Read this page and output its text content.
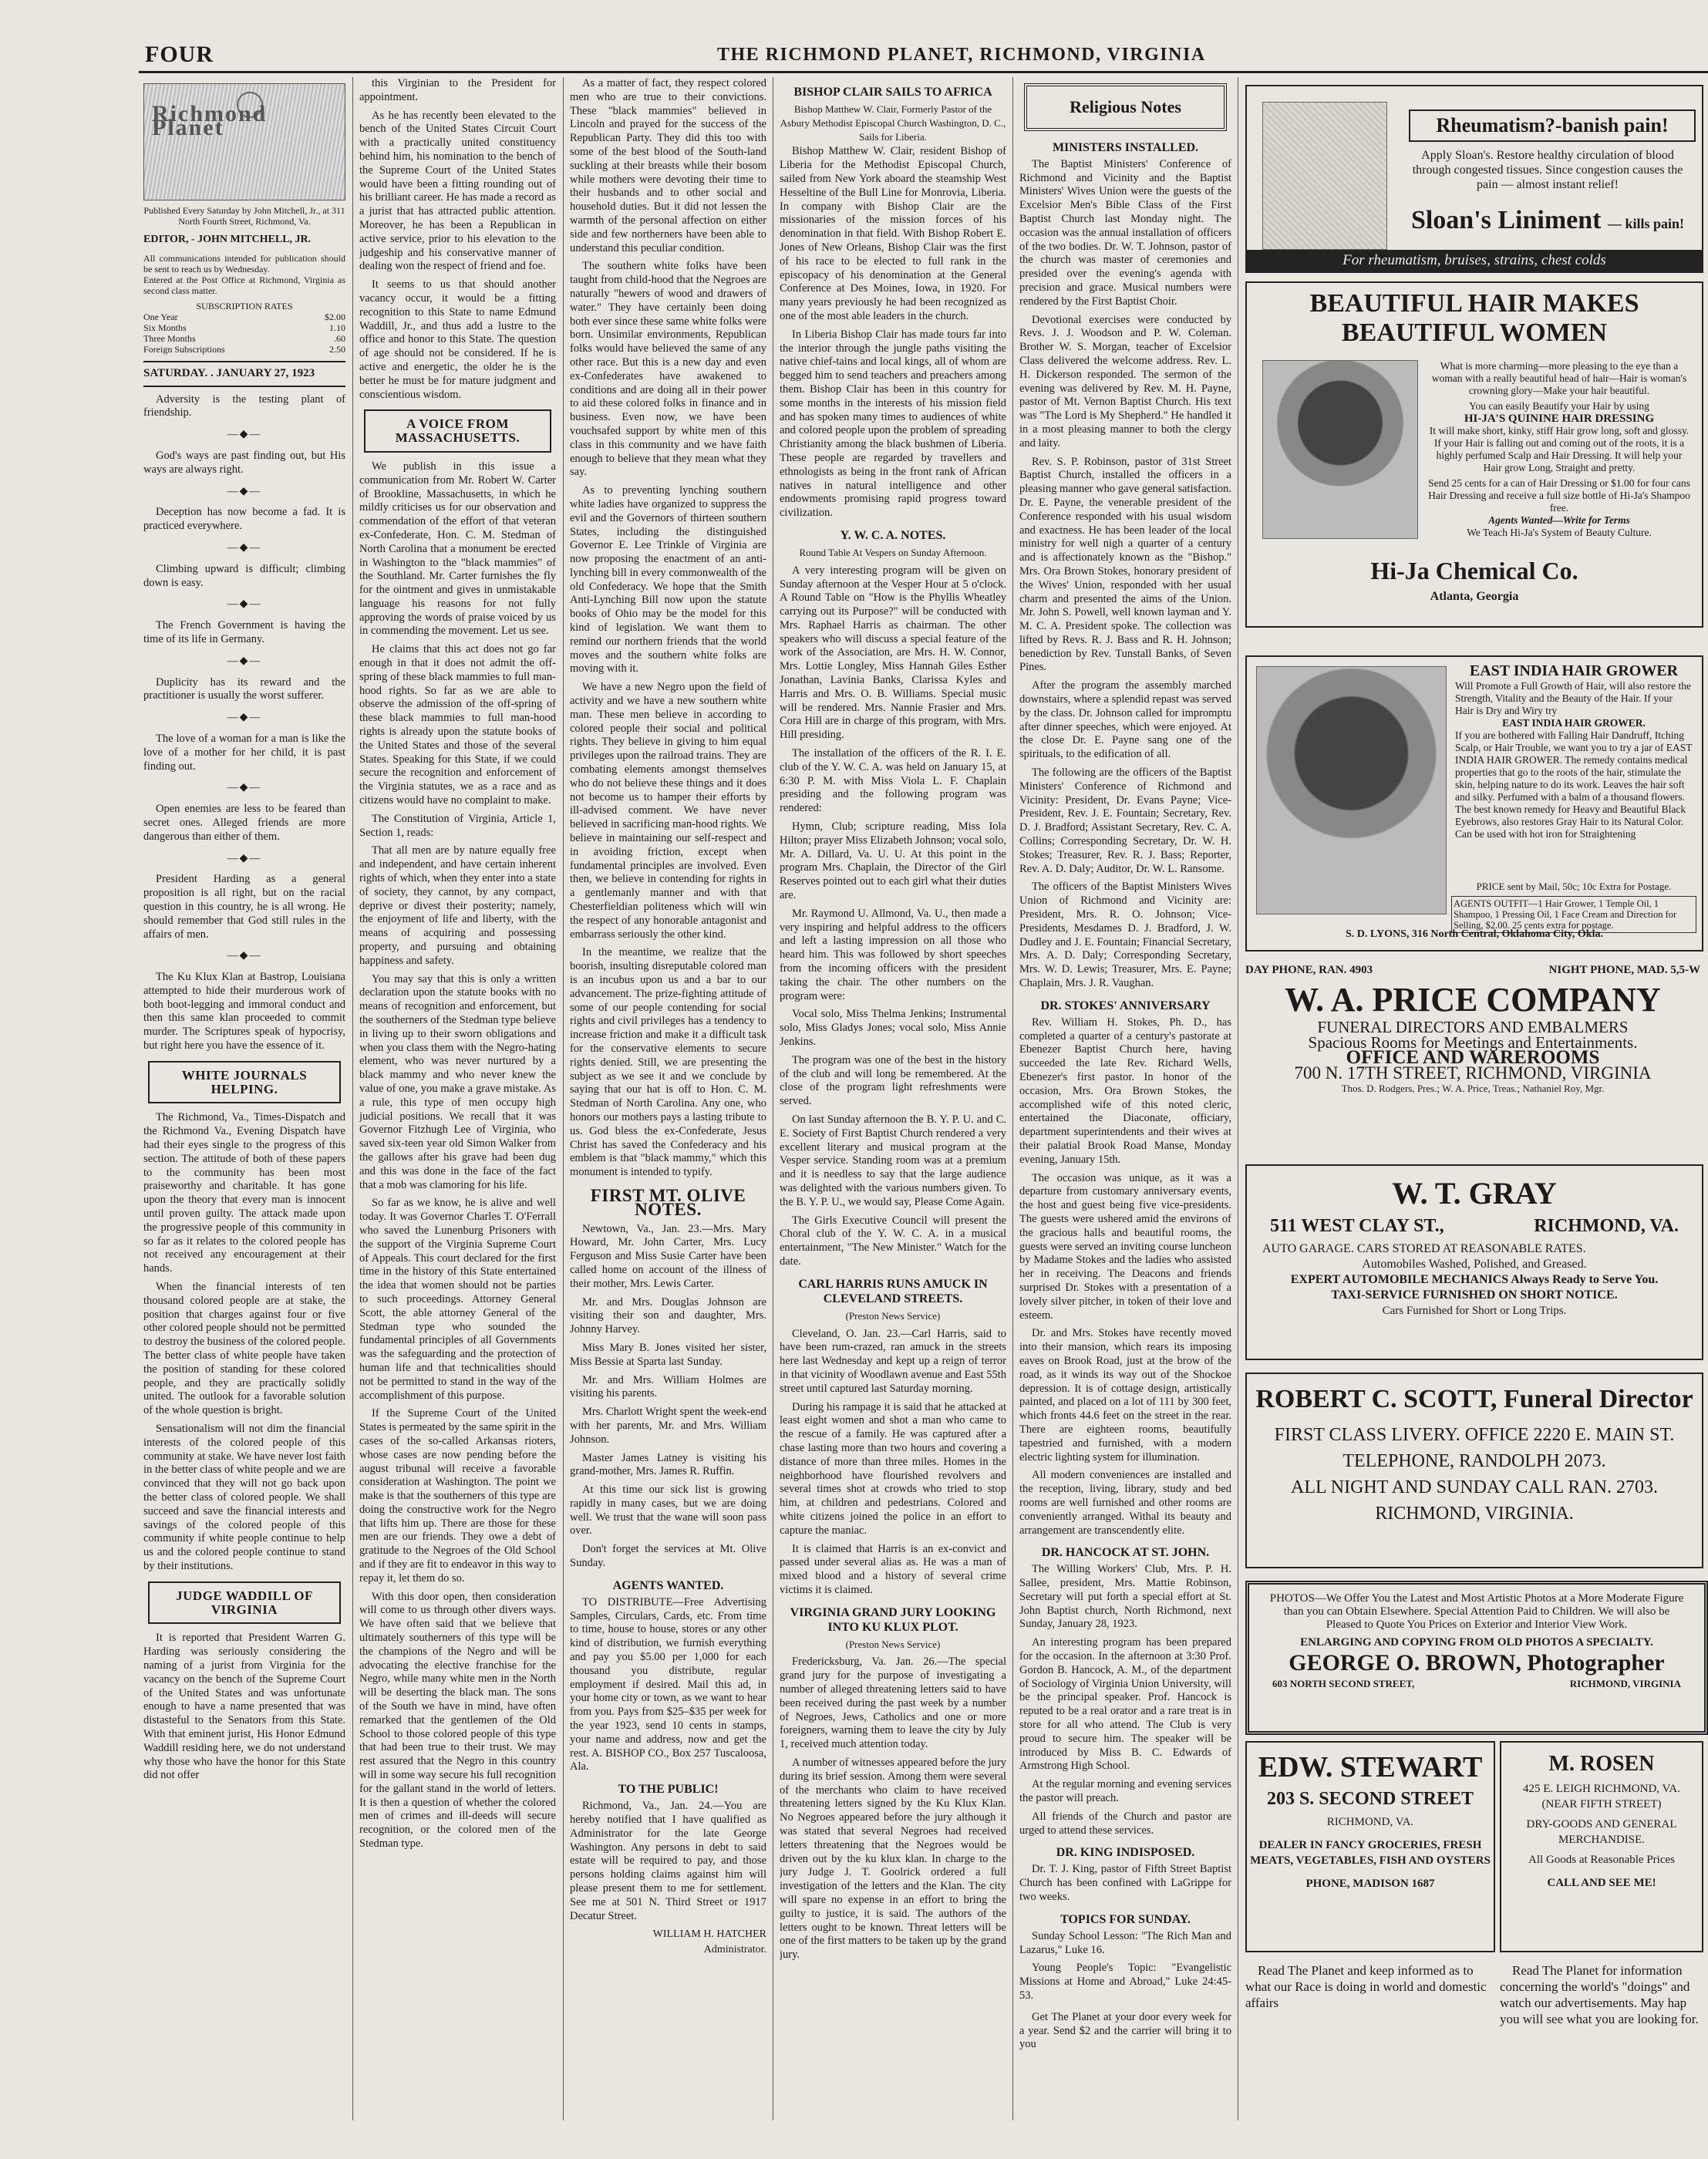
FOUR	THE RICHMOND PLANET, RICHMOND, VIRGINIA
Richmond Planet
Published Every Saturday by John Mitchell, Jr., at 311 North Fourth Street, Richmond, Va.
EDITOR, - JOHN MITCHELL, JR.
All communications intended for publication should be sent to reach us by Wednesday.
Entered at the Post Office at Richmond, Virginia as second class matter.
SUBSCRIPTION RATES
One Year	$2.00
Six Months	1.10
Three Months	.60
Foreign Subscriptions	2.50
SATURDAY. . JANUARY 27, 1923

Adversity is the testing plant of friendship.

—◆—

God's ways are past finding out, but His ways are always right.

—◆—

Deception has now become a fad. It is practiced everywhere.

—◆—

Climbing upward is difficult; climbing down is easy.

—◆—

The French Government is having the time of its life in Germany.

—◆—

Duplicity has its reward and the practitioner is usually the worst sufferer.

—◆—

The love of a woman for a man is like the love of a mother for her child, it is past finding out.

—◆—

Open enemies are less to be feared than secret ones. Alleged friends are more dangerous than either of them.

—◆—

President Harding as a general proposition is all right, but on the racial question in this country, he is all wrong. He should remember that God still rules in the affairs of men.

—◆—

The Ku Klux Klan at Bastrop, Louisiana attempted to hide their murderous work of both boot-legging and immoral conduct and then this same klan proceeded to commit murder. The Scriptures speak of hypocrisy, but right here you have the essence of it.

WHITE JOURNALS HELPING.

The Richmond, Va., Times-Dispatch and the Richmond Va., Evening Dispatch have had their eyes single to the progress of this section. The attitude of both of these papers to the community has been most praiseworthy and charitable. It has gone upon the theory that every man is innocent until proven guilty. The attack made upon the progressive people of this community in so far as it relates to the colored people has not received any encouragement at their hands.

When the financial interests of ten thousand colored people are at stake, the position that charges against four or five other colored people should not be permitted to destroy the business of the colored people. The better class of white people have taken the position of standing for these colored people, and they are practically solidly united. The outlook for a favorable solution of the whole question is bright.

Sensationalism will not dim the financial interests of the colored people of this community at stake. We have never lost faith in the better class of white people and we are convinced that they will not go back upon the better class of colored people. We shall succeed and save the financial interests and savings of the colored people of this community if white people continue to help us and the colored people continue to stand by their institutions.

JUDGE WADDILL OF VIRGINIA

It is reported that President Warren G. Harding was seriously considering the naming of a jurist from Virginia for the vacancy on the bench of the Supreme Court of the United States and was unfortunate enough to have a name presented that was distasteful to the Senators from this State. With that eminent jurist, His Honor Edmund Waddill residing here, we do not understand why those who have the honor for this State did not offer

this Virginian to the President for appointment.

As he has recently been elevated to the bench of the United States Circuit Court with a practically united constituency behind him, his nomination to the bench of the Supreme Court of the United States would have been a fitting rounding out of his brilliant career. He has made a record as a jurist that has attracted public attention. Moreover, he has been a Republican in active service, prior to his elevation to the judgeship and his conservative manner of dealing won the respect of friend and foe.

It seems to us that should another vacancy occur, it would be a fitting recognition to this State to name Edmund Waddill, Jr., and thus add a lustre to the office and honor to this State. The question of age should not be considered. If he is active and energetic, the older he is the better he must be for mature judgment and conscientious wisdom.

A VOICE FROM MASSACHUSETTS.

We publish in this issue a communication from Mr. Robert W. Carter of Brookline, Massachusetts, in which he mildly criticises us for our observation and commendation of the effort of that veteran ex-Confederate, Hon. C. M. Stedman of North Carolina that a monument be erected in Washington to the "black mammies" of the Southland. Mr. Carter furnishes the fly for the ointment and gives in unmistakable language his reasons for not fully approving the words of praise voiced by us in commending the movement. Let us see.

He claims that this act does not go far enough in that it does not admit the off-spring of these black mammies to full man-hood rights. So far as we are able to observe the admission of the off-spring of these black mammies to full man-hood rights is already upon the statute books of the United States and those of the several States. Speaking for this State, if we could secure the recognition and enforcement of the Virginia statutes, we as a race and as citizens would have no complaint to make.

The Constitution of Virginia, Article 1, Section 1, reads:

That all men are by nature equally free and independent, and have certain inherent rights of which, when they enter into a state of society, they cannot, by any compact, deprive or divest their posterity; namely, the enjoyment of life and liberty, with the means of acquiring and possessing property, and pursuing and obtaining happiness and safety.

You may say that this is only a written declaration upon the statute books with no means of recognition and enforcement, but the southerners of the Stedman type believe in living up to their sworn obligations and when you class them with the Negro-hating element, who was never nurtured by a black mammy and who never knew the value of one, you make a grave mistake. As a rule, this type of men occupy high judicial positions. We recall that it was Governor Fitzhugh Lee of Virginia, who saved six-teen year old Simon Walker from the gallows after his grave had been dug and this was done in the face of the fact that a mob was clamoring for his life.

So far as we know, he is alive and well today. It was Governor Charles T. O'Ferrall who saved the Lunenburg Prisoners with the support of the Virginia Supreme Court of Appeals. This court declared for the first time in the history of this State entertained the idea that women should not be parties to such proceedings. Attorney General Scott, the able attorney General of the Stedman type who sounded the fundamental principles of all Governments was the safeguarding and the protection of human life and that technicalities should not be permitted to stand in the way of the accomplishment of this purpose.

If the Supreme Court of the United States is permeated by the same spirit in the cases of the so-called Arkansas rioters, whose cases are now pending before the august tribunal will receive a favorable consideration at Washington. The point we make is that the southerners of this type are doing the constructive work for the Negro that lifts him up. There are those for these men are our friends. They owe a debt of gratitude to the Negroes of the Old School and if they are fit to endeavor in this way to repay it, let them do so.

With this door open, then consideration will come to us through other divers ways. We have often said that we believe that ultimately southerners of this type will be the champions of the Negro and will be advocating the elective franchise for the Negro, while many white men in the North will be deserting the black man. The sons of the South we have in mind, have often remarked that the gentlemen of the Old School to those colored people of this type that had been true to their trust. We may rest assured that the Negro in this country will in some way secure his full recognition for the gallant stand in the world of letters. It is then a question of whether the colored men of crimes and ill-deeds will secure recognition, or the colored men of the Stedman type.

As a matter of fact, they respect colored men who are true to their convictions. These "black mammies" believed in Lincoln and prayed for the success of the Republican Party. They did this too with some of the best blood of the South-land suckling at their breasts while their bosom while mothers were devoting their time to their husbands and to other social and household duties. But it did not lessen the warmth of the personal affection on either side and few northerners have been able to understand this peculiar condition.

The southern white folks have been taught from child-hood that the Negroes are naturally "hewers of wood and drawers of water." They have certainly been doing both ever since these same white folks were born. Unsimilar environments, Republican folks would have believed the same of any other race. But this is a new day and even ex-Confederates have awakened to conditions and are doing all in their power to aid these colored folks in finance and in business. Even now, we have been vouchsafed support by white men of this class in this community and we have faith enough to believe that they mean what they say.

As to preventing lynching southern white ladies have organized to suppress the evil and the Governors of thirteen southern States, including the distinguished Governor E. Lee Trinkle of Virginia are now proposing the enactment of an anti-lynching bill in every commonwealth of the old Confederacy. We hope that the Smith Anti-Lynching Bill now upon the statute books of Ohio may be the model for this kind of legislation. We want them to remind our northern friends that the world moves and the southern white folks are moving with it.

We have a new Negro upon the field of activity and we have a new southern white man. These men believe in according to colored people their social and political rights. They believe in giving to him equal privileges upon the railroad trains. They are combating elements amongst themselves who do not believe these things and it does not become us to hamper their efforts by ill-advised comment. We have never believed in sacrificing man-hood rights. We believe in maintaining our self-respect and in avoiding friction, except when fundamental principles are involved. Even then, we believe in contending for rights in a gentlemanly manner and with that Chesterfieldian politeness which will win the respect of any honorable antagonist and embarrass seriously the other kind.

In the meantime, we realize that the boorish, insulting disreputable colored man is an incubus upon us and a bar to our advancement. The prize-fighting attitude of some of our people contending for social rights and civil privileges has a tendency to increase friction and make it a difficult task for the conservative elements to secure rights denied. Still, we are presenting the subject as we see it and we conclude by saying that our hat is off to Hon. C. M. Stedman of North Carolina. Any one, who honors our mothers pays a lasting tribute to us. God bless the ex-Confederate, Jesus Christ has saved the Confederacy and his emblem is that "black mammy," which this monument is intended to typify.

FIRST MT. OLIVE NOTES.

Newtown, Va., Jan. 23.—Mrs. Mary Howard, Mr. John Carter, Mrs. Lucy Ferguson and Miss Susie Carter have been called home on account of the illness of their mother, Mrs. Lewis Carter.

Mr. and Mrs. Douglas Johnson are visiting their son and daughter, Mrs. Johnny Harvey.

Miss Mary B. Jones visited her sister, Miss Bessie at Sparta last Sunday.

Mr. and Mrs. William Holmes are visiting his parents.

Mrs. Charlott Wright spent the week-end with her parents, Mr. and Mrs. William Johnson.

Master James Latney is visiting his grand-mother, Mrs. James R. Ruffin.

At this time our sick list is growing rapidly in many cases, but we are doing well. We trust that the wane will soon pass over.

Don't forget the services at Mt. Olive Sunday.

AGENTS WANTED.

TO DISTRIBUTE—Free Advertising Samples, Circulars, Cards, etc. From time to time, house to house, stores or any other kind of distribution, we furnish everything and pay you $5.00 per 1,000 for each thousand you distribute, regular employment if desired. Mail this ad, in your home city or town, as we want to hear from you. Pays from $25–$35 per week for the year 1923, send 10 cents in stamps, your name and address, now and get the rest. A. BISHOP CO., Box 257 Tuscaloosa, Ala.

TO THE PUBLIC!

Richmond, Va., Jan. 24.—You are hereby notified that I have qualified as Administrator for the late George Washington. Any persons in debt to said estate will be required to pay, and those persons holding claims against him will please present them to me for settlement. See me at 501 N. Third Street or 1917 Decatur Street.

WILLIAM H. HATCHER
Administrator.
BISHOP CLAIR SAILS TO AFRICA
Bishop Matthew W. Clair, Formerly Pastor of the Asbury Methodist Episcopal Church Washington, D. C., Sails for Liberia.

Bishop Matthew W. Clair, resident Bishop of Liberia for the Methodist Episcopal Church, sailed from New York aboard the steamship West Hesseltine of the Bull Line for Monrovia, Liberia. In company with Bishop Clair are the missionaries of the mission forces of his denomination in that field. With Bishop Robert E. Jones of New Orleans, Bishop Clair was the first of his race to be elected to full rank in the episcopacy of his denomination at the General Conference at Des Moines, Iowa, in 1920. For many years previously he had been recognized as one of the most able leaders in the church.

In Liberia Bishop Clair has made tours far into the interior through the jungle paths visiting the native chief-tains and local kings, all of whom are begged him to send teachers and preachers among them. Bishop Clair has been in this country for some months in the interests of his mission field and has spoken many times to audiences of white and colored people upon the problem of spreading Christianity among the black bushmen of Liberia. These people are regarded by travellers and ethnologists as being in the front rank of African natives in natural intelligence and other endowments promising rapid progress toward civilization.

Y. W. C. A. NOTES.
Round Table At Vespers on Sunday Afternoon.

A very interesting program will be given on Sunday afternoon at the Vesper Hour at 5 o'clock. A Round Table on "How is the Phyllis Wheatley carrying out its Purpose?" will be conducted with Mrs. Raphael Harris as chairman. The other speakers who will discuss a special feature of the work of the Association, are Mrs. H. W. Connor, Mrs. Lottie Longley, Miss Hannah Giles Esther Jonathan, Lavinia Banks, Clarissa Kyles and Harris and Mrs. O. B. Williams. Special music will be rendered. Mrs. Nannie Frasier and Mrs. Cora Hill are in charge of this program, with Mrs. Hill presiding.

The installation of the officers of the R. I. E. club of the Y. W. C. A. was held on January 15, at 6:30 P. M. with Miss Viola L. F. Chaplain presiding and the following program was rendered:

Hymn, Club; scripture reading, Miss Iola Hilton; prayer Miss Elizabeth Johnson; vocal solo, Mr. A. Dillard, Va. U. U. At this point in the program Mrs. Chaplain, the Director of the Girl Reserves pointed out to each girl what their duties are.

Mr. Raymond U. Allmond, Va. U., then made a very inspiring and helpful address to the officers and left a lasting impression on all those who heard him. This was followed by short speeches from the incoming officers with the president taking the chair. The other numbers on the program were:

Vocal solo, Miss Thelma Jenkins; Instrumental solo, Miss Gladys Jones; vocal solo, Miss Annie Jenkins.

The program was one of the best in the history of the club and will long be remembered. At the close of the program light refreshments were served.

On last Sunday afternoon the B. Y. P. U. and C. E. Society of First Baptist Church rendered a very excellent literary and musical program at the Vesper service. Standing room was at a premium and it is needless to say that the large audience was delighted with the various numbers given. To the B. Y. P. U., we would say, Please Come Again.

The Girls Executive Council will present the Choral club of the Y. W. C. A. in a musical entertainment, "The New Minister." Watch for the date.

CARL HARRIS RUNS AMUCK IN CLEVELAND STREETS.
(Preston News Service)

Cleveland, O. Jan. 23.—Carl Harris, said to have been rum-crazed, ran amuck in the streets here last Wednesday and kept up a reign of terror in that vicinity of Woodlawn avenue and East 55th street until captured last Saturday morning.

During his rampage it is said that he attacked at least eight women and shot a man who came to the rescue of a family. He was captured after a chase lasting more than two hours and covering a distance of more than three miles. Homes in the neighborhood have flourished revolvers and several times shot at crowds who tried to stop him, at children and pedestrians. Colored and white citizens joined the police in an effort to capture the maniac.

It is claimed that Harris is an ex-convict and passed under several alias as. He was a man of mixed blood and a history of several crime victims it is claimed.

VIRGINIA GRAND JURY LOOKING INTO KU KLUX PLOT.
(Preston News Service)

Fredericksburg, Va. Jan. 26.—The special grand jury for the purpose of investigating a number of alleged threatening letters said to have been received during the past week by a number of Negroes, Jews, Catholics and one or more foreigners, warning them to leave the city by July 1, received much attention today.

A number of witnesses appeared before the jury during its brief session. Among them were several of the merchants who claim to have received threatening letters signed by the Ku Klux Klan. No Negroes appeared before the jury although it was stated that several Negroes had received letters threatening that the Negroes would be driven out by the ku klux klan. In charge to the jury Judge J. T. Goolrick ordered a full investigation of the letters and the Klan. The city will spare no expense in an effort to bring the guilty to justice, it is said. The authors of the letters ought to be known. Threat letters will be one of the first matters to be taken up by the grand jury.

Religious Notes
MINISTERS INSTALLED.

The Baptist Ministers' Conference of Richmond and Vicinity and the Baptist Ministers' Wives Union were the guests of the Excelsior Men's Bible Class of the First Baptist Church last Monday night. The occasion was the annual installation of officers of the two bodies. Dr. W. T. Johnson, pastor of the church was master of ceremonies and presided over the evening's agenda with precision and grace. Musical numbers were rendered by the First Baptist Choir.

Devotional exercises were conducted by Revs. J. J. Woodson and P. W. Coleman. Brother W. S. Morgan, teacher of Excelsior Class delivered the welcome address. Rev. L. H. Dickerson responded. The sermon of the evening was delivered by Rev. M. H. Payne, pastor of Mt. Vernon Baptist Church. His text was "The Lord is My Shepherd." He handled it in a most pleasing manner to both the clergy and laity.

Rev. S. P. Robinson, pastor of 31st Street Baptist Church, installed the officers in a pleasing manner who gave general satisfaction. Dr. E. Payne, the venerable president of the Conference responded with his usual wisdom and exactness. He has been leader of the local ministry for well nigh a quarter of a century and is affectionately known as the "Bishop." Mrs. Ora Brown Stokes, honorary president of the Wives' Union, responded with her usual charm and presented the aims of the Union. Mr. John S. Powell, well known layman and Y. M. C. A. President spoke. The collection was lifted by Revs. R. J. Bass and R. H. Johnson; benediction by Rev. Tunstall Banks, of Seven Pines.

After the program the assembly marched downstairs, where a splendid repast was served by the class. Dr. Johnson called for impromptu after dinner speeches, which were enjoyed. At the close Dr. E. Payne sang one of the spirituals, to the edification of all.

The following are the officers of the Baptist Ministers' Conference of Richmond and Vicinity: President, Dr. Evans Payne; Vice-President, Rev. J. E. Fountain; Secretary, Rev. D. J. Bradford; Assistant Secretary, Rev. C. A. Collins; Corresponding Secretary, Dr. W. H. Stokes; Treasurer, Rev. R. J. Bass; Reporter, Rev. A. D. Daly; Auditor, Dr. W. L. Ransome.

The officers of the Baptist Ministers Wives Union of Richmond and Vicinity are: President, Mrs. R. O. Johnson; Vice-Presidents, Mesdames D. J. Bradford, J. W. Dudley and J. E. Fountain; Financial Secretary, Mrs. A. D. Daly; Corresponding Secretary, Mrs. W. D. Lewis; Treasurer, Mrs. E. Payne; Chaplain, Mrs. J. R. Vaughan.

DR. STOKES' ANNIVERSARY

Rev. William H. Stokes, Ph. D., has completed a quarter of a century's pastorate at Ebenezer Baptist Church here, having succeeded the late Rev. Richard Wells, Ebenezer's first pastor. In honor of the occasion, Mrs. Ora Brown Stokes, the accomplished wife of this noted cleric, entertained the Diaconate, officiary, department superintendents and their wives at their palatial Brook Road Manse, Monday evening, January 15th.

The occasion was unique, as it was a departure from customary anniversary events, the host and guest being five vice-presidents. The guests were ushered amid the environs of the gracious halls and beautiful rooms, the guests were served an inviting course luncheon by Madame Stokes and the ladies who assisted her in receiving. The Deacons and friends surprised Dr. Stokes with a presentation of a lovely silver pitcher, in token of their love and esteem.

Dr. and Mrs. Stokes have recently moved into their mansion, which rears its imposing eaves on Brook Road, just at the brow of the road, as it winds its way out of the Shockoe depression. It is of cottage design, artistically painted, and placed on a lot of 111 by 300 feet, which fronts 44.6 feet on the street in the rear. There are eighteen rooms, beautifully tapestried and furnished, with a modern electric lighting system for illumination.

All modern conveniences are installed and the reception, living, library, study and bed rooms are well furnished and other rooms are conveniently arranged. Withal its beauty and arrangement are transcendently elite.

DR. HANCOCK AT ST. JOHN.

The Willing Workers' Club, Mrs. P. H. Sallee, president, Mrs. Mattie Robinson, Secretary will put forth a special effort at St. John Baptist church, North Richmond, next Sunday, January 28, 1923.

An interesting program has been prepared for the occasion. In the afternoon at 3:30 Prof. Gordon B. Hancock, A. M., of the department of Sociology of Virginia Union University, will be the principal speaker. Prof. Hancock is reputed to be a real orator and a rare treat is in store for all who attend. The Club is very proud to secure him. The speaker will be introduced by Miss B. C. Edwards of Armstrong High School.

At the regular morning and evening services the pastor will preach.

All friends of the Church and pastor are urged to attend these services.

DR. KING INDISPOSED.

Dr. T. J. King, pastor of Fifth Street Baptist Church has been confined with LaGrippe for two weeks.

TOPICS FOR SUNDAY.

Sunday School Lesson: "The Rich Man and Lazarus," Luke 16.

Young People's Topic: "Evangelistic Missions at Home and Abroad," Luke 24:45-53.

Get The Planet at your door every week for a year. Send $2 and the carrier will bring it to you

Rheumatism?-banish pain!
Apply Sloan's. Restore healthy circulation of blood through congested tissues. Since congestion causes the pain — almost instant relief!
Sloan's Liniment — kills pain!
For rheumatism, bruises, strains, chest colds
BEAUTIFUL HAIR MAKES
BEAUTIFUL WOMEN
What is more charming—more pleasing to the eye than a woman with a really beautiful head of hair—Hair is woman's crowning glory—Make your hair beautiful.
You can easily Beautify your Hair by using
HI-JA'S QUININE HAIR DRESSING
It will make short, kinky, stiff Hair grow long, soft and glossy. If your Hair is falling out and coming out of the roots, it is a highly perfumed Scalp and Hair Dressing. It will help your Hair grow Long, Straight and pretty.
Send 25 cents for a can of Hair Dressing or $1.00 for four cans Hair Dressing and receive a full size bottle of Hi-Ja's Shampoo free.
Agents Wanted—Write for Terms
We Teach Hi-Ja's System of Beauty Culture.
Hi-Ja Chemical Co.
Atlanta, Georgia
EAST INDIA HAIR GROWER
Will Promote a Full Growth of Hair, will also restore the Strength, Vitality and the Beauty of the Hair. If your Hair is Dry and Wiry try
EAST INDIA HAIR GROWER.
If you are bothered with Falling Hair Dandruff, Itching Scalp, or Hair Trouble, we want you to try a jar of EAST INDIA HAIR GROWER. The remedy contains medical properties that go to the roots of the hair, stimulate the skin, helping nature to do its work. Leaves the hair soft and silky. Perfumed with a balm of a thousand flowers. The best known remedy for Heavy and Beautiful Black Eyebrows, also restores Gray Hair to its Natural Color. Can be used with hot iron for Straightening
PRICE sent by Mail, 50c; 10c Extra for Postage.
AGENTS OUTFIT—1 Hair Grower, 1 Temple Oil, 1 Shampoo, 1 Pressing Oil, 1 Face Cream and Direction for Selling, $2.00. 25 cents extra for postage.
S. D. LYONS, 316 North Central, Oklahoma City, Okla.
DAY PHONE, RAN. 4903	NIGHT PHONE, MAD. 5,5-W
W. A. PRICE COMPANY
FUNERAL DIRECTORS AND EMBALMERS
Spacious Rooms for Meetings and Entertainments.
OFFICE AND WAREROOMS
700 N. 17TH STREET, RICHMOND, VIRGINIA
Thos. D. Rodgers, Pres.; W. A. Price, Treas.; Nathaniel Roy, Mgr.
W. T. GRAY
511 WEST CLAY ST.,	RICHMOND, VA.
AUTO GARAGE. CARS STORED AT REASONABLE RATES.
Automobiles Washed, Polished, and Greased.
EXPERT AUTOMOBILE MECHANICS Always Ready to Serve You.
TAXI-SERVICE FURNISHED ON SHORT NOTICE.
Cars Furnished for Short or Long Trips.
ROBERT C. SCOTT, Funeral Director
FIRST CLASS LIVERY. OFFICE 2220 E. MAIN ST.
TELEPHONE, RANDOLPH 2073.
ALL NIGHT AND SUNDAY CALL RAN. 2703.
RICHMOND, VIRGINIA.
PHOTOS—We Offer You the Latest and Most Artistic Photos at a More Moderate Figure than you can Obtain Elsewhere. Special Attention Paid to Children. We will also be Pleased to Quote You Prices on Exterior and Interior View Work.
ENLARGING AND COPYING FROM OLD PHOTOS A SPECIALTY.
GEORGE O. BROWN, Photographer
603 NORTH SECOND STREET,	RICHMOND, VIRGINIA
EDW. STEWART
203 S. SECOND STREET
RICHMOND, VA.
DEALER IN FANCY GROCERIES, FRESH MEATS, VEGETABLES, FISH AND OYSTERS
PHONE, MADISON 1687
M. ROSEN
425 E. LEIGH RICHMOND, VA.
(NEAR FIFTH STREET)
DRY-GOODS AND GENERAL MERCHANDISE.
All Goods at Reasonable Prices
CALL AND SEE ME!
Read The Planet and keep informed as to what our Race is doing in world and domestic affairs
Read The Planet for information concerning the world's "doings" and watch our advertisements. May hap you will see what you are looking for.
